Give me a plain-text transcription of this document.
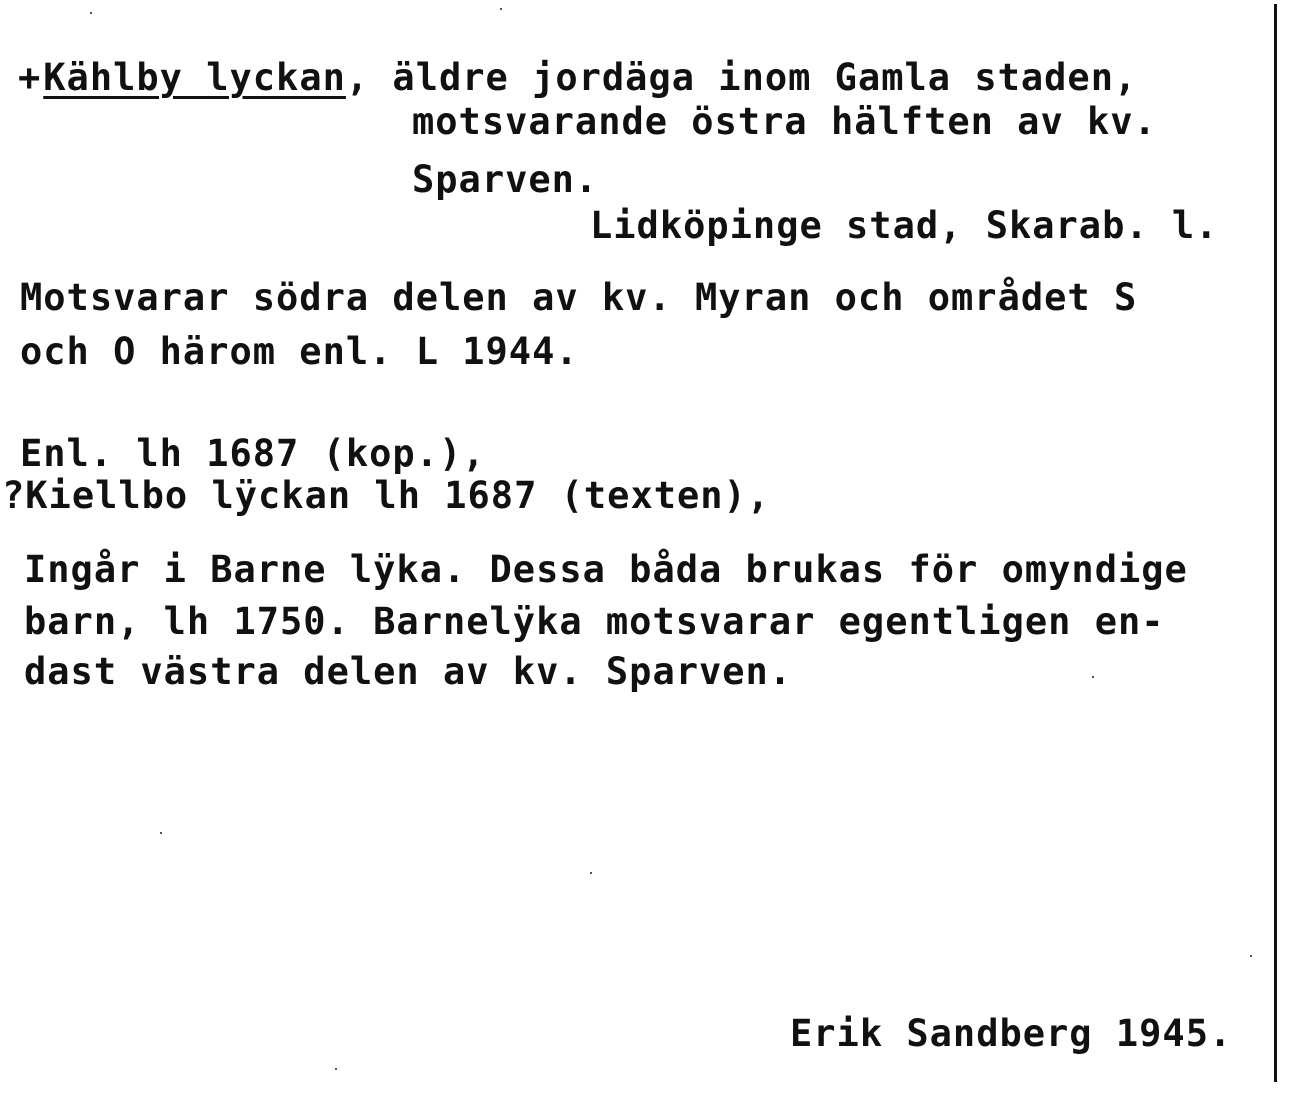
+Kählby lyckan, äldre jordäga inom Gamla staden,
motsvarande östra hälften av kv.
Sparven.
Lidköpinge stad, Skarab. l.
Motsvarar södra delen av kv. Myran och området S
och O härom enl. L 1944.
Enl. lh 1687 (kop.),
?Kiellbo lÿckan lh 1687 (texten),
Ingår i Barne lÿka. Dessa båda brukas för omyndige
barn, lh 1750. Barnelÿka motsvarar egentligen en-
dast västra delen av kv. Sparven.
Erik Sandberg 1945.
